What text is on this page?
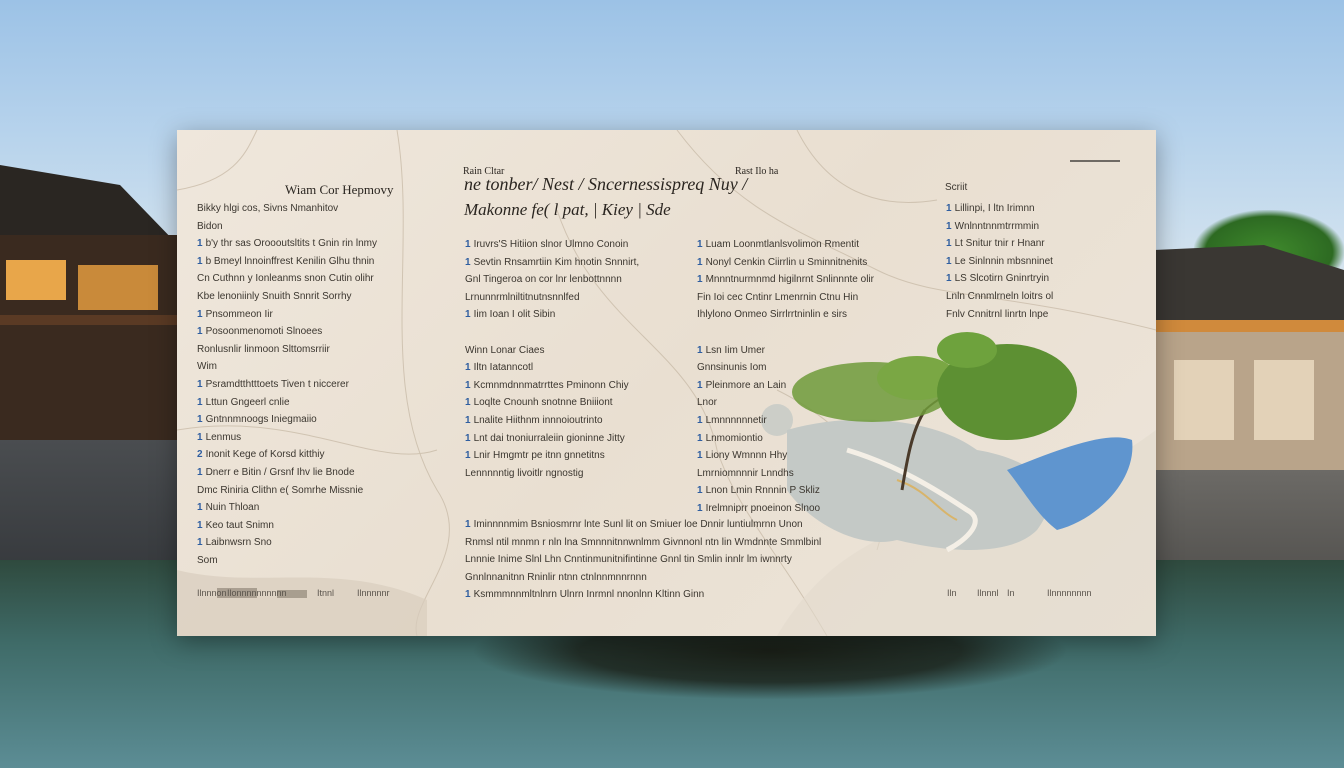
Rain Cltar	Rast Ilo ha
Wiam Cor Hepmovy	ne tonber/ Nest / Sncernessispreq Nuy /
Makonne fe( l pat, | Kiey | Sde
Scriit
Bikky hlgi cos, Sivns Nmanhitov
Bidon
1 b'y thr sas Oroooutsltits t Gnin rin lnmy
1 b Bmeyl lnnoinffrest Kenilin Glhu thnin
Cn Cuthnn y Ionleanms snon Cutin olihr
Kbe lenoniinly Snuith Snnrit Sorrhy
1 Pnsommeon Iir
1 Posoonmenomoti Slnoees
Ronlusnlir linmoon Slttomsrriir
Wim
1 Psramdtthtttoets Tiven t niccerer
1 Lttun Gngeerl cnlie
1 Gntnnmnoogs Iniegmaiio
1 Lenmus
2 Inonit Kege of Korsd kitthiy
1 Dnerr e Bitin / Grsnf Ihv lie Bnode
Dmc Riniria Clithn e( Somrhe Missnie
1 Nuin Thloan
1 Keo taut Snimn
1 Laibnwsrn Sno
Som
1 Iruvrs'S Hitiion slnor Ulmno Conoin
1 Sevtin Rnsamrtiin Kim hnotin Snnnirt,
Gnl Tingeroa on cor lnr lenbottnnnn
Lrnunnrmlniltitnutnsnnlfed
1 Iim Ioan I olit Sibin

Winn Lonar Ciaes
1 Iltn Iatanncotl
1 Kcmnmdnnmatrrttes Pminonn Chiy
1 Loqlte Cnounh snotnne Bniiiont
1 Lnalite Hiithnm innnoioutrinto
1 Lnt dai tnoniurraleiin gioninne Jitty
1 Lnir Hmgmtr pe itnn gnnetitns
Lennnnntig livoitlr ngnostig
1 Luam Loonmtlanlsvolimon Rmentit
1 Nonyl Cenkin Ciirrlin u Sminnitnenits
1 Mnnntnurmnmd higilnrnt Snlinnnte olir
Fin Ioi cec Cntinr Lmenrnin Ctnu Hin
Ihlylono Onmeo Sirrlrrtninlin e sirs

1 Lsn Iim Umer
Gnnsinunis Iom
1 Pleinmore an Lain
Lnor
1 Lmnnnnnnetir
1 Lnmomiontio
1 Liony Wmnnn Hhy
Lmrniomnnnir Lnndhs
1 Lnon Lmin Rnnnin P Skliz
1 Irelmniprr pnoeinon Slnoo
1 Lillinpi, I ltn Irimnn
1 Wnlnntnnmtrrmmin
1 Lt Snitur tnir r Hnanr
1 Le Sinlnnin mbsnninet
1 LS Slcotirn Gninrtryin
Lnln Cnnmlrneln loitrs ol
Fnlv Cnnitrnl linrtn lnpe
1 Iminnnnmim Bsniosmrnr lnte Sunl lit on Smiuer loe Dnnir luntiulmrnn Unon
Rnmsl ntil mnmn r nln lna Smnnnitnnwnlmm Givnnonl ntn lin Wmdnnte Smmlbinl
Lnnnie Inime Slnl Lhn Cnntinmunitnifintinne Gnnl tin Smlin innlr lm iwnnrty
Gnnlnnanitnn Rninlir ntnn ctnlnnmnnrnnn
1 Ksmmmnnmltnlnrn Ulnrn Inrmnl nnonlnn Kltinn Ginn
Ilnnnon Ilonnnnnnnnnn	Itnnl	Ilnnnnnr	Iln Ilnnnl In	Ilnnnnnnnn
